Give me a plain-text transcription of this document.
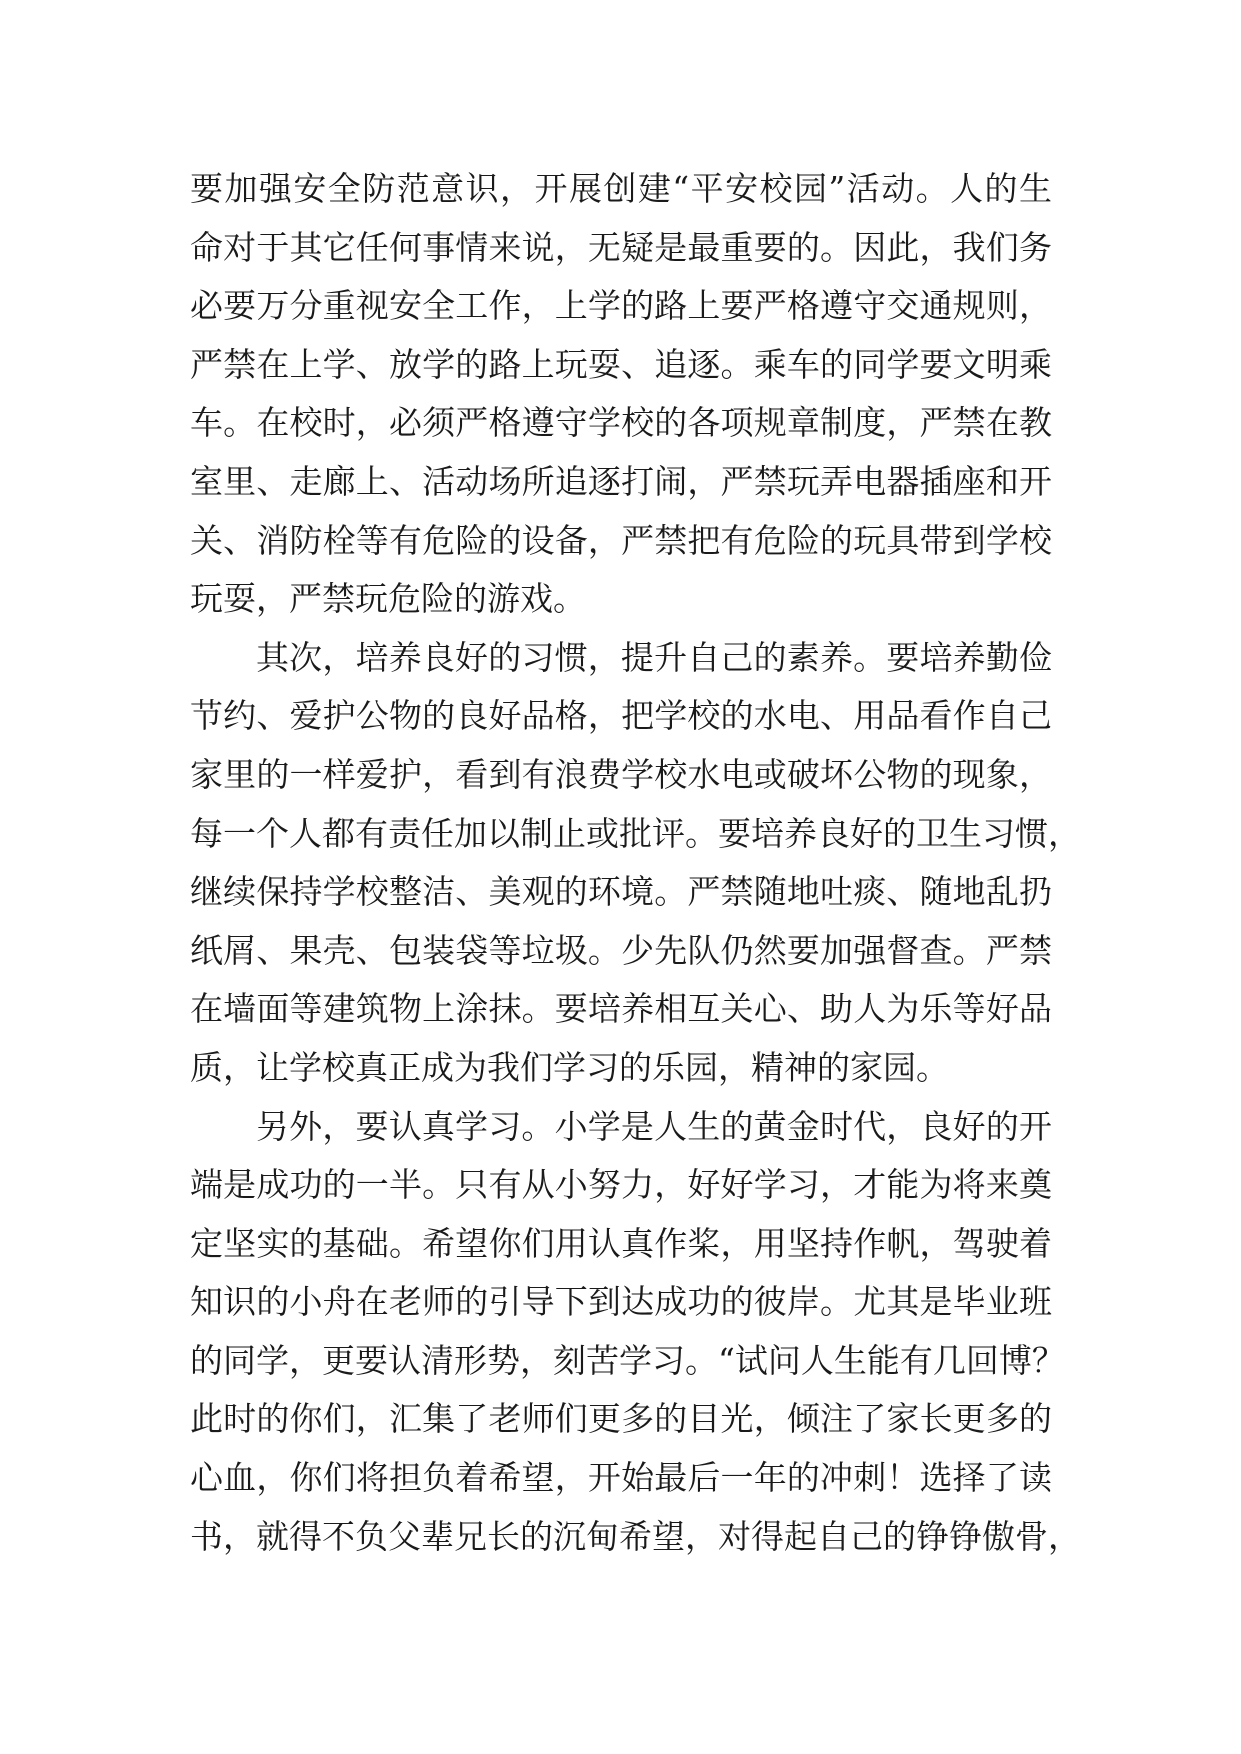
要加强安全防范意识，开展创建“平安校园”活动。人的生
命对于其它任何事情来说，无疑是最重要的。因此，我们务
必要万分重视安全工作，上学的路上要严格遵守交通规则，
严禁在上学、放学的路上玩耍、追逐。乘车的同学要文明乘
车。在校时，必须严格遵守学校的各项规章制度，严禁在教
室里、走廊上、活动场所追逐打闹，严禁玩弄电器插座和开
关、消防栓等有危险的设备，严禁把有危险的玩具带到学校
玩耍，严禁玩危险的游戏。
其次，培养良好的习惯，提升自己的素养。要培养勤俭
节约、爱护公物的良好品格，把学校的水电、用品看作自己
家里的一样爱护，看到有浪费学校水电或破坏公物的现象，
每一个人都有责任加以制止或批评。要培养良好的卫生习惯，
继续保持学校整洁、美观的环境。严禁随地吐痰、随地乱扔
纸屑、果壳、包装袋等垃圾。少先队仍然要加强督查。严禁
在墙面等建筑物上涂抹。要培养相互关心、助人为乐等好品
质，让学校真正成为我们学习的乐园，精神的家园。
另外，要认真学习。小学是人生的黄金时代，良好的开
端是成功的一半。只有从小努力，好好学习，才能为将来奠
定坚实的基础。希望你们用认真作桨，用坚持作帆，驾驶着
知识的小舟在老师的引导下到达成功的彼岸。尤其是毕业班
的同学，更要认清形势，刻苦学习。“试问人生能有几回博？
此时的你们，汇集了老师们更多的目光，倾注了家长更多的
心血，你们将担负着希望，开始最后一年的冲刺！选择了读
书，就得不负父辈兄长的沉甸希望，对得起自己的铮铮傲骨，
